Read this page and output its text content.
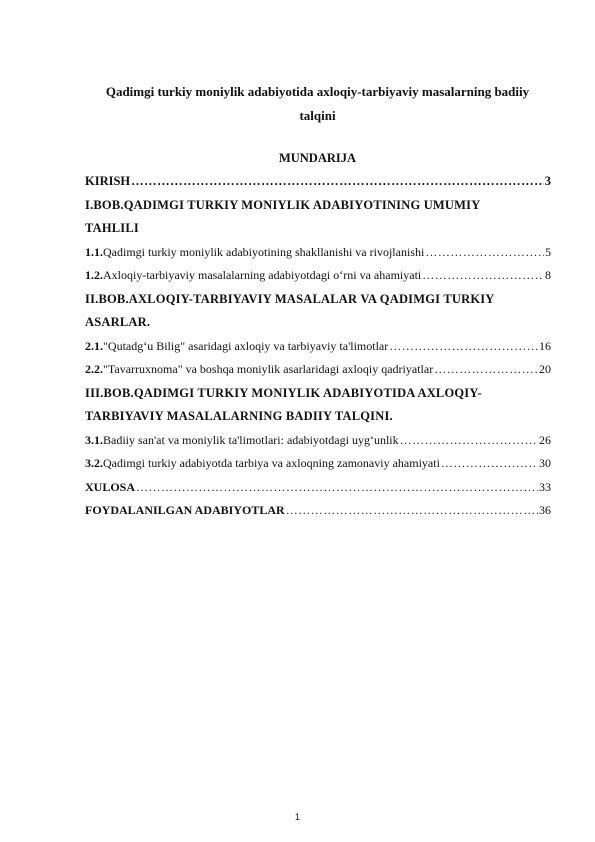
Qadimgi turkiy moniylik adabiyotida axloqiy-tarbiyaviy masalarning badiiy
talqini
MUNDARIJA
KIRISH ……………………………………………………………………………………………………………………………………………………………………………………………………	3
I.BOB.QADIMGI TURKIY MONIYLIK ADABIYOTINING UMUMIY
TAHLILI
1.1. Qadimgi turkiy moniylik adabiyotining shakllanishi va rivojlanishi ……………………………………………………………………………………………………………………………………………………………………………………………………	5
1.2. Axloqiy-tarbiyaviy masalalarning adabiyotdagi o‘rni va ahamiyati ……………………………………………………………………………………………………………………………………………………………………………………………………	8
II.BOB.AXLOQIY-TARBIYAVIY MASALALAR VA QADIMGI TURKIY
ASARLAR.
2.1. "Qutadg‘u Bilig" asaridagi axloqiy va tarbiyaviy ta'limotlar ……………………………………………………………………………………………………………………………………………………………………………………………………	16
2.2. "Tavarruxnoma" va boshqa moniylik asarlaridagi axloqiy qadriyatlar ……………………………………………………………………………………………………………………………………………………………………………………………………	20
III.BOB.QADIMGI TURKIY MONIYLIK ADABIYOTIDA AXLOQIY-
TARBIYAVIY MASALALARNING BADIIY TALQINI.
3.1. Badiiy san'at va moniylik ta'limotlari: adabiyotdagi uyg‘unlik ……………………………………………………………………………………………………………………………………………………………………………………………………	26
3.2. Qadimgi turkiy adabiyotda tarbiya va axloqning zamonaviy ahamiyati ……………………………………………………………………………………………………………………………………………………………………………………………………	30
XULOSA ……………………………………………………………………………………………………………………………………………………………………………………………………	33
FOYDALANILGAN ADABIYOTLAR ……………………………………………………………………………………………………………………………………………………………………………………………………	36
1
